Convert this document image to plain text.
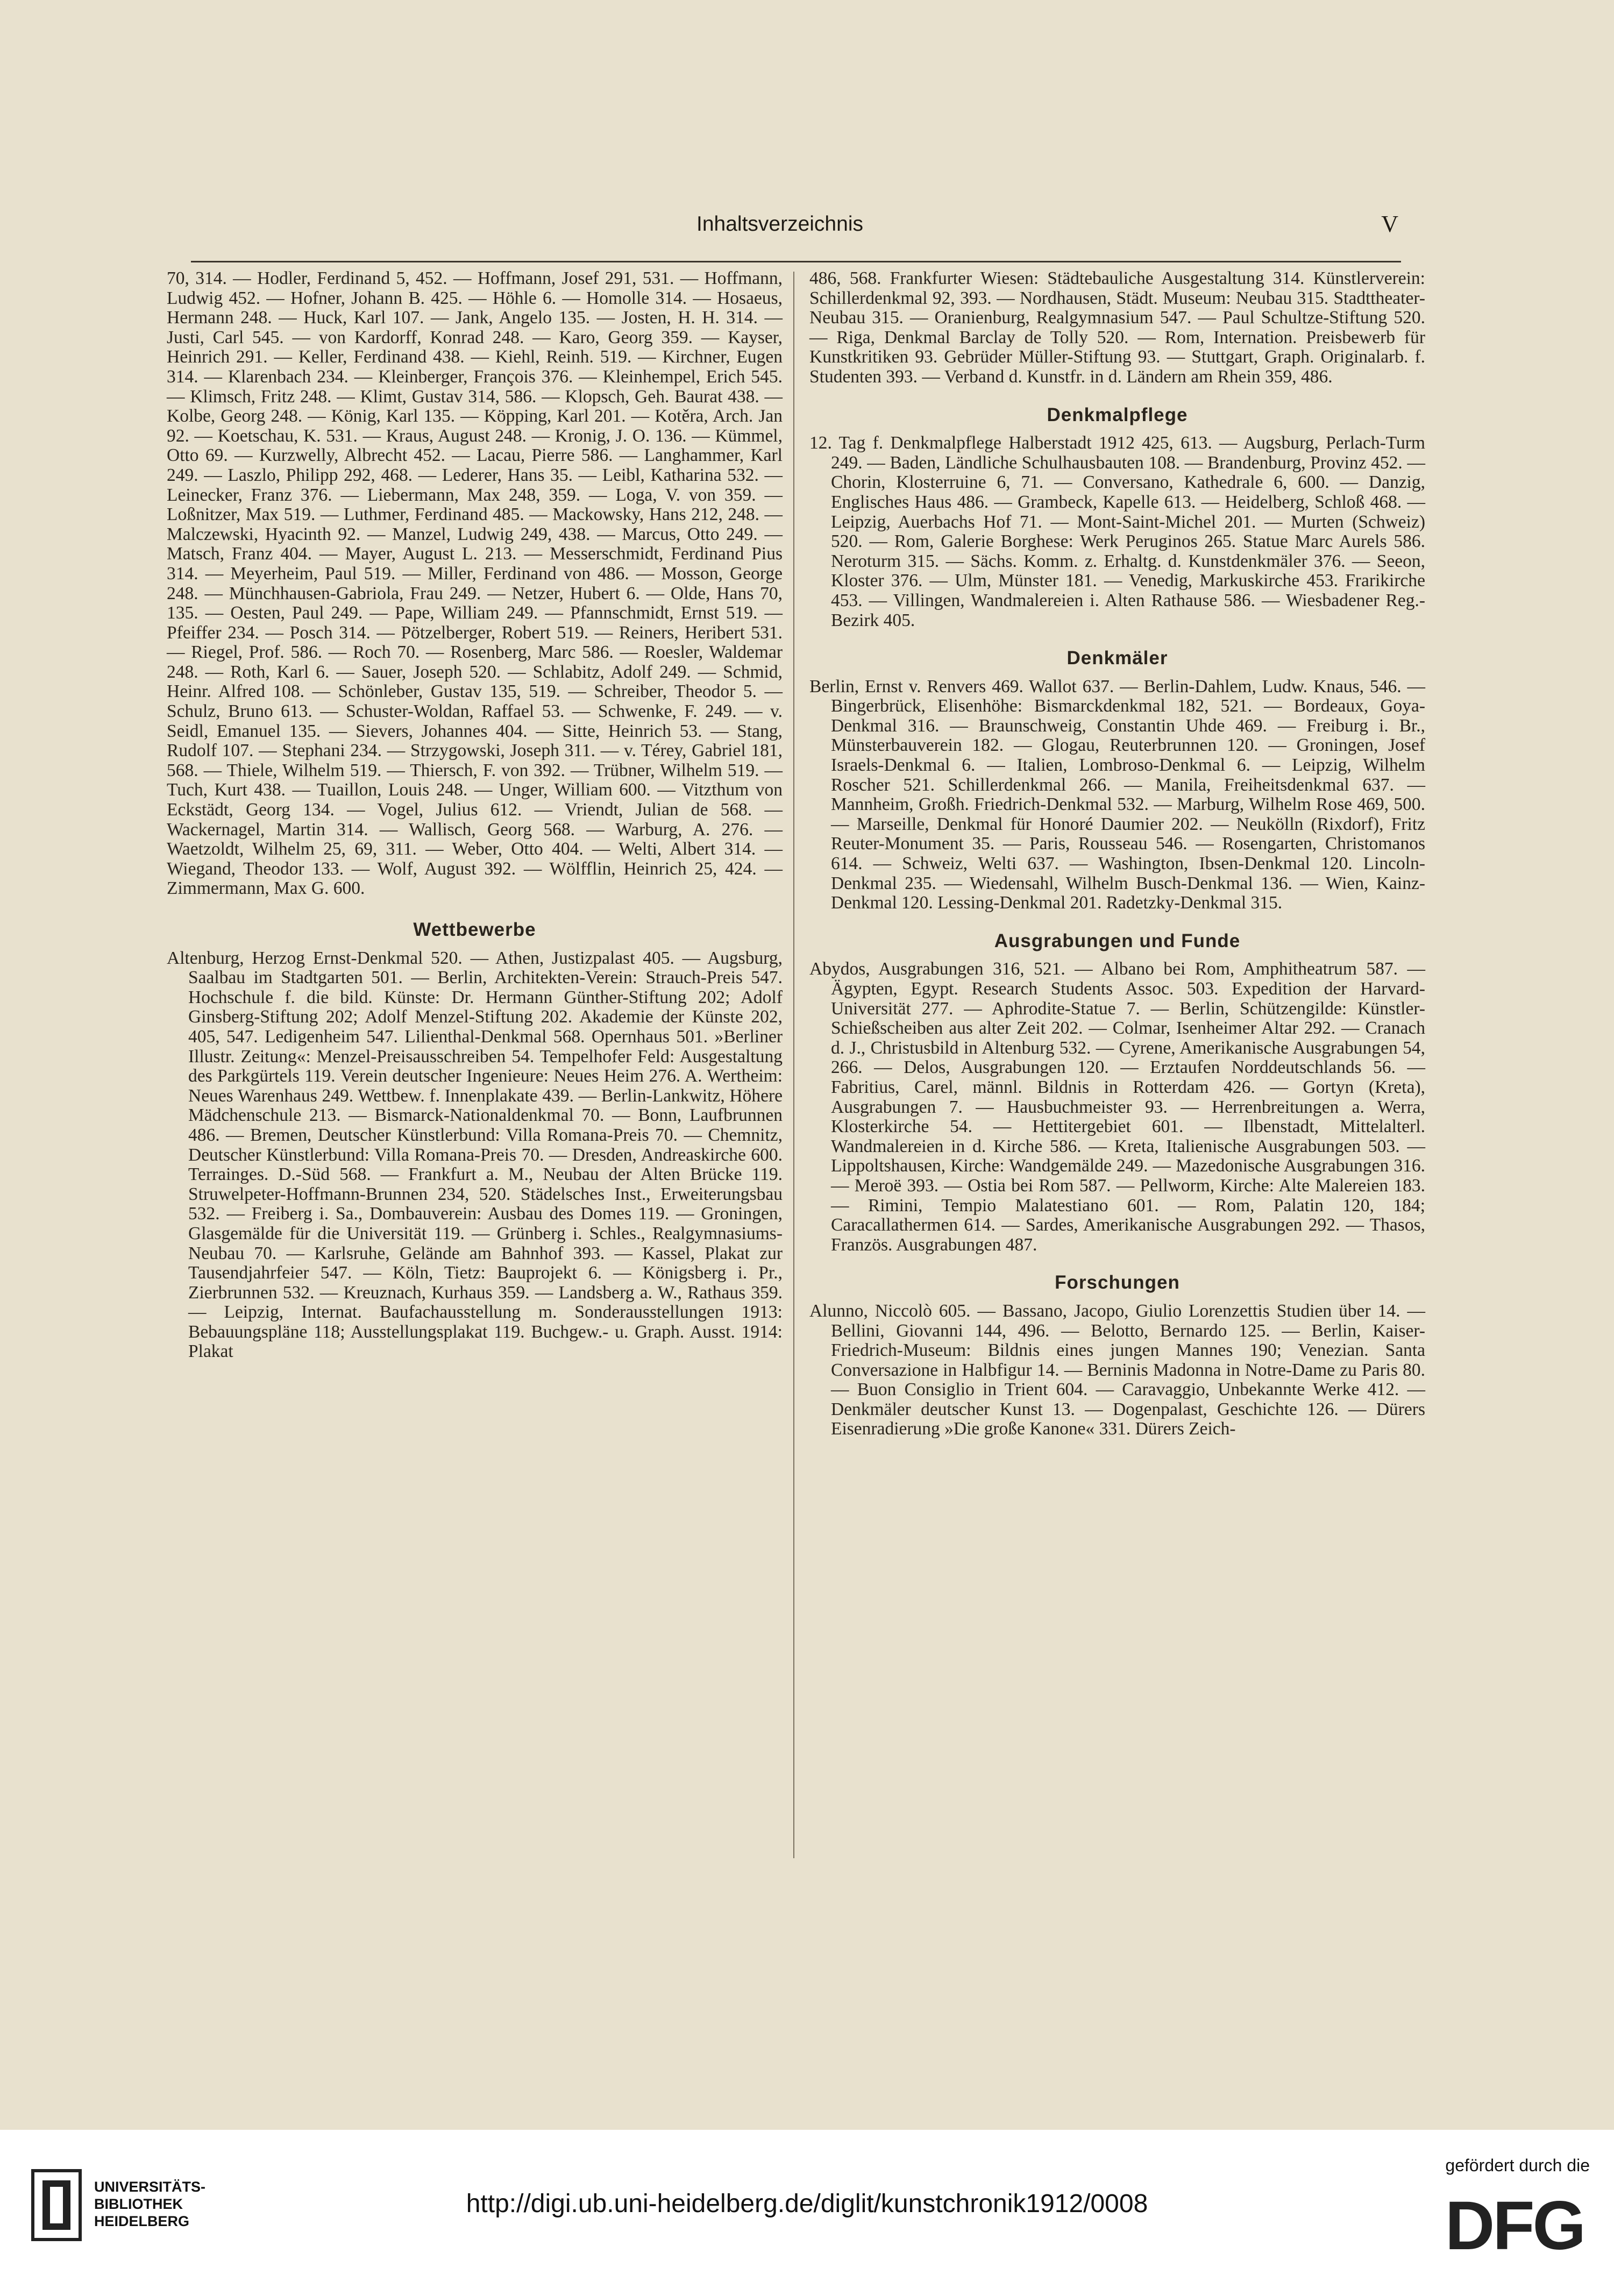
Inhaltsverzeichnis	V

70, 314. — Hodler, Ferdinand 5, 452. — Hoffmann, Josef 291, 531. — Hoffmann, Ludwig 452. — Hofner, Johann B. 425. — Höhle 6. — Homolle 314. — Hosaeus, Hermann 248. — Huck, Karl 107. — Jank, Angelo 135. — Josten, H. H. 314. — Justi, Carl 545. — von Kardorff, Konrad 248. — Karo, Georg 359. — Kayser, Heinrich 291. — Keller, Ferdinand 438. — Kiehl, Reinh. 519. — Kirchner, Eugen 314. — Klarenbach 234. — Kleinberger, François 376. — Kleinhempel, Erich 545. — Klimsch, Fritz 248. — Klimt, Gustav 314, 586. — Klopsch, Geh. Baurat 438. — Kolbe, Georg 248. — König, Karl 135. — Köpping, Karl 201. — Kotěra, Arch. Jan 92. — Koetschau, K. 531. — Kraus, August 248. — Kronig, J. O. 136. — Kümmel, Otto 69. — Kurzwelly, Albrecht 452. — Lacau, Pierre 586. — Langhammer, Karl 249. — Laszlo, Philipp 292, 468. — Lederer, Hans 35. — Leibl, Katharina 532. — Leinecker, Franz 376. — Liebermann, Max 248, 359. — Loga, V. von 359. — Loßnitzer, Max 519. — Luthmer, Ferdinand 485. — Mackowsky, Hans 212, 248. — Malczewski, Hyacinth 92. — Manzel, Ludwig 249, 438. — Marcus, Otto 249. — Matsch, Franz 404. — Mayer, August L. 213. — Messerschmidt, Ferdinand Pius 314. — Meyerheim, Paul 519. — Miller, Ferdinand von 486. — Mosson, George 248. — Münchhausen-Gabriola, Frau 249. — Netzer, Hubert 6. — Olde, Hans 70, 135. — Oesten, Paul 249. — Pape, William 249. — Pfannschmidt, Ernst 519. — Pfeiffer 234. — Posch 314. — Pötzelberger, Robert 519. — Reiners, Heribert 531. — Riegel, Prof. 586. — Roch 70. — Rosenberg, Marc 586. — Roesler, Waldemar 248. — Roth, Karl 6. — Sauer, Joseph 520. — Schlabitz, Adolf 249. — Schmid, Heinr. Alfred 108. — Schönleber, Gustav 135, 519. — Schreiber, Theodor 5. — Schulz, Bruno 613. — Schuster-Woldan, Raffael 53. — Schwenke, F. 249. — v. Seidl, Emanuel 135. — Sievers, Johannes 404. — Sitte, Heinrich 53. — Stang, Rudolf 107. — Stephani 234. — Strzygowski, Joseph 311. — v. Térey, Gabriel 181, 568. — Thiele, Wilhelm 519. — Thiersch, F. von 392. — Trübner, Wilhelm 519. — Tuch, Kurt 438. — Tuaillon, Louis 248. — Unger, William 600. — Vitzthum von Eckstädt, Georg 134. — Vogel, Julius 612. — Vriendt, Julian de 568. — Wackernagel, Martin 314. — Wallisch, Georg 568. — Warburg, A. 276. — Waetzoldt, Wilhelm 25, 69, 311. — Weber, Otto 404. — Welti, Albert 314. — Wiegand, Theodor 133. — Wolf, August 392. — Wölfflin, Heinrich 25, 424. — Zimmermann, Max G. 600.

Wettbewerbe

Altenburg, Herzog Ernst-Denkmal 520. — Athen, Justizpalast 405. — Augsburg, Saalbau im Stadtgarten 501. — Berlin, Architekten-Verein: Strauch-Preis 547. Hochschule f. die bild. Künste: Dr. Hermann Günther-Stiftung 202; Adolf Ginsberg-Stiftung 202; Adolf Menzel-Stiftung 202. Akademie der Künste 202, 405, 547. Ledigenheim 547. Lilienthal-Denkmal 568. Opernhaus 501. »Berliner Illustr. Zeitung«: Menzel-Preisausschreiben 54. Tempelhofer Feld: Ausgestaltung des Parkgürtels 119. Verein deutscher Ingenieure: Neues Heim 276. A. Wertheim: Neues Warenhaus 249. Wettbew. f. Innenplakate 439. — Berlin-Lankwitz, Höhere Mädchenschule 213. — Bismarck-Nationaldenkmal 70. — Bonn, Laufbrunnen 486. — Bremen, Deutscher Künstlerbund: Villa Romana-Preis 70. — Chemnitz, Deutscher Künstlerbund: Villa Romana-Preis 70. — Dresden, Andreaskirche 600. Terrainges. D.-Süd 568. — Frankfurt a. M., Neubau der Alten Brücke 119. Struwelpeter-Hoffmann-Brunnen 234, 520. Städelsches Inst., Erweiterungsbau 532. — Freiberg i. Sa., Dombauverein: Ausbau des Domes 119. — Groningen, Glasgemälde für die Universität 119. — Grünberg i. Schles., Realgymnasiums-Neubau 70. — Karlsruhe, Gelände am Bahnhof 393. — Kassel, Plakat zur Tausendjahrfeier 547. — Köln, Tietz: Bauprojekt 6. — Königsberg i. Pr., Zierbrunnen 532. — Kreuznach, Kurhaus 359. — Landsberg a. W., Rathaus 359. — Leipzig, Internat. Baufachausstellung m. Sonderausstellungen 1913: Bebauungspläne 118; Ausstellungsplakat 119. Buchgew.- u. Graph. Ausst. 1914: Plakat

486, 568. Frankfurter Wiesen: Städtebauliche Ausgestaltung 314. Künstlerverein: Schillerdenkmal 92, 393. — Nordhausen, Städt. Museum: Neubau 315. Stadttheater-Neubau 315. — Oranienburg, Realgymnasium 547. — Paul Schultze-Stiftung 520. — Riga, Denkmal Barclay de Tolly 520. — Rom, Internation. Preisbewerb für Kunstkritiken 93. Gebrüder Müller-Stiftung 93. — Stuttgart, Graph. Originalarb. f. Studenten 393. — Verband d. Kunstfr. in d. Ländern am Rhein 359, 486.

Denkmalpflege

12. Tag f. Denkmalpflege Halberstadt 1912 425, 613. — Augsburg, Perlach-Turm 249. — Baden, Ländliche Schulhausbauten 108. — Brandenburg, Provinz 452. — Chorin, Klosterruine 6, 71. — Conversano, Kathedrale 6, 600. — Danzig, Englisches Haus 486. — Grambeck, Kapelle 613. — Heidelberg, Schloß 468. — Leipzig, Auerbachs Hof 71. — Mont-Saint-Michel 201. — Murten (Schweiz) 520. — Rom, Galerie Borghese: Werk Peruginos 265. Statue Marc Aurels 586. Neroturm 315. — Sächs. Komm. z. Erhaltg. d. Kunstdenkmäler 376. — Seeon, Kloster 376. — Ulm, Münster 181. — Venedig, Markuskirche 453. Frarikirche 453. — Villingen, Wandmalereien i. Alten Rathause 586. — Wiesbadener Reg.-Bezirk 405.

Denkmäler

Berlin, Ernst v. Renvers 469. Wallot 637. — Berlin-Dahlem, Ludw. Knaus, 546. — Bingerbrück, Elisenhöhe: Bismarckdenkmal 182, 521. — Bordeaux, Goya-Denkmal 316. — Braunschweig, Constantin Uhde 469. — Freiburg i. Br., Münsterbauverein 182. — Glogau, Reuterbrunnen 120. — Groningen, Josef Israels-Denkmal 6. — Italien, Lombroso-Denkmal 6. — Leipzig, Wilhelm Roscher 521. Schillerdenkmal 266. — Manila, Freiheitsdenkmal 637. — Mannheim, Großh. Friedrich-Denkmal 532. — Marburg, Wilhelm Rose 469, 500. — Marseille, Denkmal für Honoré Daumier 202. — Neukölln (Rixdorf), Fritz Reuter-Monument 35. — Paris, Rousseau 546. — Rosengarten, Christomanos 614. — Schweiz, Welti 637. — Washington, Ibsen-Denkmal 120. Lincoln-Denkmal 235. — Wiedensahl, Wilhelm Busch-Denkmal 136. — Wien, Kainz-Denkmal 120. Lessing-Denkmal 201. Radetzky-Denkmal 315.

Ausgrabungen und Funde

Abydos, Ausgrabungen 316, 521. — Albano bei Rom, Amphitheatrum 587. — Ägypten, Egypt. Research Students Assoc. 503. Expedition der Harvard-Universität 277. — Aphrodite-Statue 7. — Berlin, Schützengilde: Künstler-Schießscheiben aus alter Zeit 202. — Colmar, Isenheimer Altar 292. — Cranach d. J., Christusbild in Altenburg 532. — Cyrene, Amerikanische Ausgrabungen 54, 266. — Delos, Ausgrabungen 120. — Erztaufen Norddeutschlands 56. — Fabritius, Carel, männl. Bildnis in Rotterdam 426. — Gortyn (Kreta), Ausgrabungen 7. — Hausbuchmeister 93. — Herrenbreitungen a. Werra, Klosterkirche 54. — Hettitergebiet 601. — Ilbenstadt, Mittelalterl. Wandmalereien in d. Kirche 586. — Kreta, Italienische Ausgrabungen 503. — Lippoltshausen, Kirche: Wandgemälde 249. — Mazedonische Ausgrabungen 316. — Meroë 393. — Ostia bei Rom 587. — Pellworm, Kirche: Alte Malereien 183. — Rimini, Tempio Malatestiano 601. — Rom, Palatin 120, 184; Caracallathermen 614. — Sardes, Amerikanische Ausgrabungen 292. — Thasos, Französ. Ausgrabungen 487.

Forschungen

Alunno, Niccolò 605. — Bassano, Jacopo, Giulio Lorenzettis Studien über 14. — Bellini, Giovanni 144, 496. — Belotto, Bernardo 125. — Berlin, Kaiser-Friedrich-Museum: Bildnis eines jungen Mannes 190; Venezian. Santa Conversazione in Halbfigur 14. — Berninis Madonna in Notre-Dame zu Paris 80. — Buon Consiglio in Trient 604. — Caravaggio, Unbekannte Werke 412. — Denkmäler deutscher Kunst 13. — Dogenpalast, Geschichte 126. — Dürers Eisenradierung »Die große Kanone« 331. Dürers Zeich-

UNIVERSITÄTS-
BIBLIOTHEK
HEIDELBERG
http://digi.ub.uni-heidelberg.de/diglit/kunstchronik1912/0008
gefördert durch die
DFG
